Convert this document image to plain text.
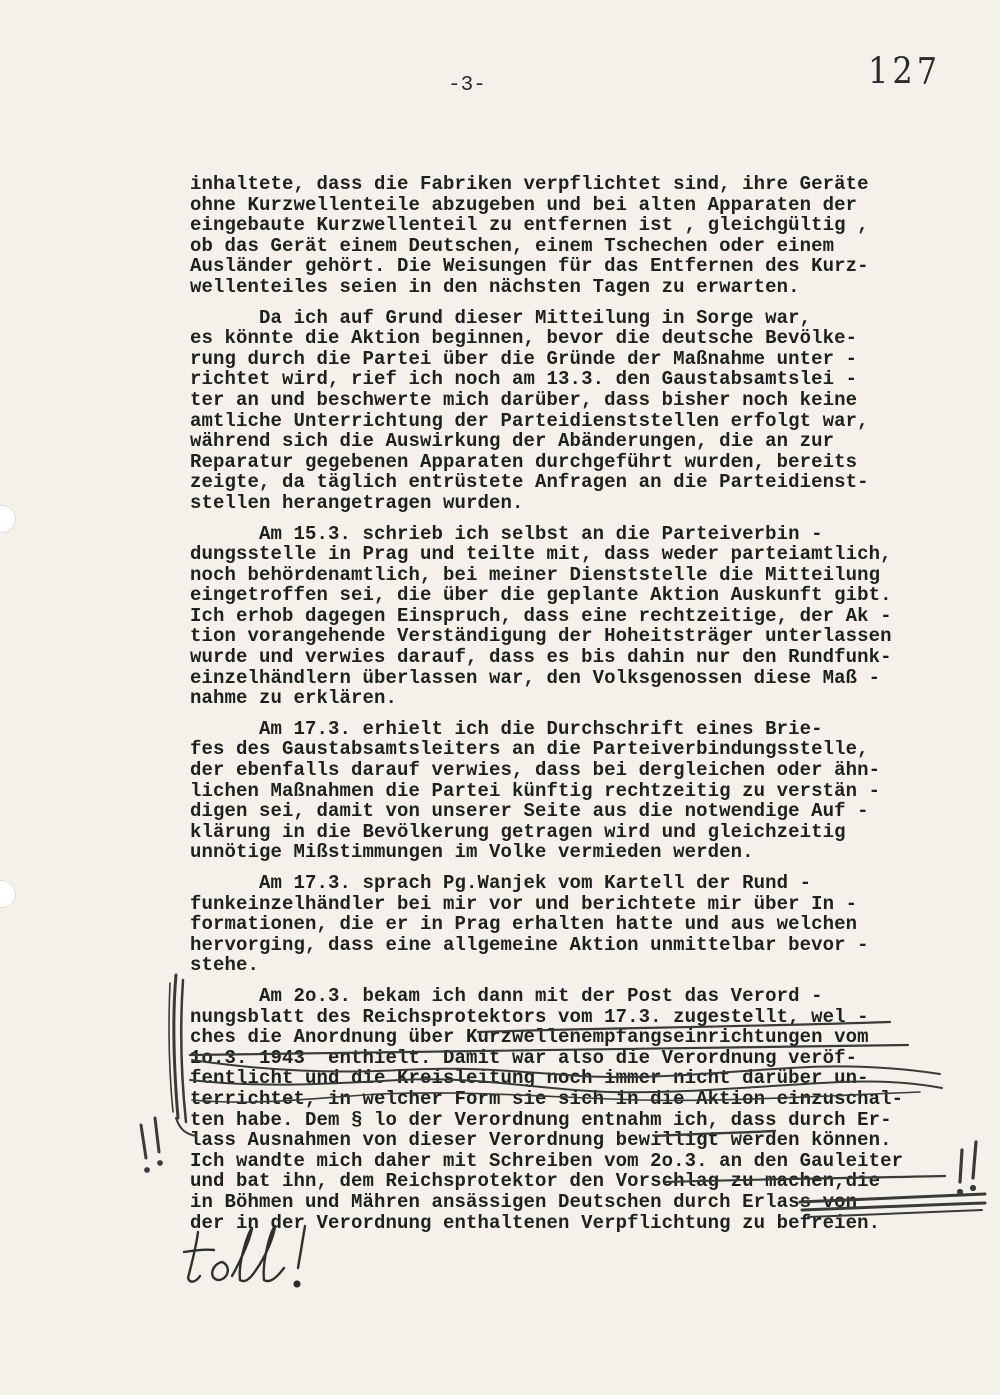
127
-3-
inhaltete, dass die Fabriken verpflichtet sind, ihre Geräte
ohne Kurzwellenteile abzugeben und bei alten Apparaten der
eingebaute Kurzwellenteil zu entfernen ist , gleichgültig ,
ob das Gerät einem Deutschen, einem Tschechen oder einem
Ausländer gehört. Die Weisungen für das Entfernen des Kurz-
wellenteiles seien in den nächsten Tagen zu erwarten.
Da ich auf Grund dieser Mitteilung in Sorge war,
es könnte die Aktion beginnen, bevor die deutsche Bevölke-
rung durch die Partei über die Gründe der Maßnahme unter -
richtet wird, rief ich noch am 13.3. den Gaustabsamtslei -
ter an und beschwerte mich darüber, dass bisher noch keine
amtliche Unterrichtung der Parteidienststellen erfolgt war,
während sich die Auswirkung der Abänderungen, die an zur
Reparatur gegebenen Apparaten durchgeführt wurden, bereits
zeigte, da täglich entrüstete Anfragen an die Parteidienst-
stellen herangetragen wurden.
Am 15.3. schrieb ich selbst an die Parteiverbin -
dungsstelle in Prag und teilte mit, dass weder parteiamtlich,
noch behördenamtlich, bei meiner Dienststelle die Mitteilung
eingetroffen sei, die über die geplante Aktion Auskunft gibt.
Ich erhob dagegen Einspruch, dass eine rechtzeitige, der Ak -
tion vorangehende Verständigung der Hoheitsträger unterlassen
wurde und verwies darauf, dass es bis dahin nur den Rundfunk-
einzelhändlern überlassen war, den Volksgenossen diese Maß -
nahme zu erklären.
Am 17.3. erhielt ich die Durchschrift eines Brie-
fes des Gaustabsamtsleiters an die Parteiverbindungsstelle,
der ebenfalls darauf verwies, dass bei dergleichen oder ähn-
lichen Maßnahmen die Partei künftig rechtzeitig zu verstän -
digen sei, damit von unserer Seite aus die notwendige Auf -
klärung in die Bevölkerung getragen wird und gleichzeitig
unnötige Mißstimmungen im Volke vermieden werden.
Am 17.3. sprach Pg.Wanjek vom Kartell der Rund -
funkeinzelhändler bei mir vor und berichtete mir über In -
formationen, die er in Prag erhalten hatte und aus welchen
hervorging, dass eine allgemeine Aktion unmittelbar bevor -
stehe.
Am 2o.3. bekam ich dann mit der Post das Verord -
nungsblatt des Reichsprotektors vom 17.3. zugestellt, wel -
ches die Anordnung über Kurzwellenempfangseinrichtungen vom
1o.3. 1943  enthielt. Damit war also die Verordnung veröf-
fentlicht und die Kreisleitung noch immer nicht darüber un-
terrichtet, in welcher Form sie sich in die Aktion einzuschal-
ten habe. Dem § lo der Verordnung entnahm ich, dass durch Er-
lass Ausnahmen von dieser Verordnung bewilligt werden können.
Ich wandte mich daher mit Schreiben vom 2o.3. an den Gauleiter
und bat ihn, dem Reichsprotektor den Vorschlag zu machen,die
in Böhmen und Mähren ansässigen Deutschen durch Erlass von
der in der Verordnung enthaltenen Verpflichtung zu befreien.
